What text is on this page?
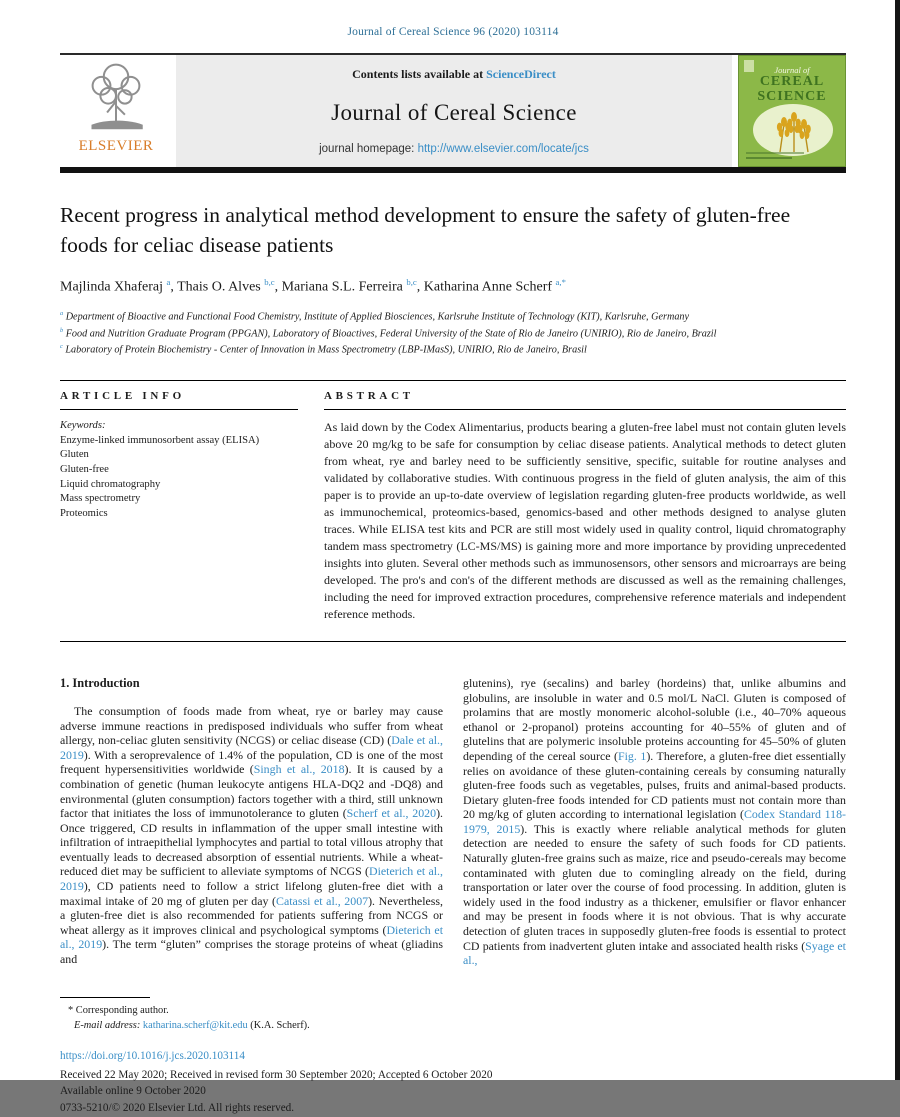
Journal of Cereal Science 96 (2020) 103114
ELSEVIER
Contents lists available at ScienceDirect
Journal of Cereal Science
journal homepage: http://www.elsevier.com/locate/jcs
Journal of
CEREAL
SCIENCE
Recent progress in analytical method development to ensure the safety of gluten-free foods for celiac disease patients
Majlinda Xhaferaj $^a$, Thais O. Alves $^{b,c}$, Mariana S.L. Ferreira $^{b,c}$, Katharina Anne Scherf $^{a,*}$
$^a$ Department of Bioactive and Functional Food Chemistry, Institute of Applied Biosciences, Karlsruhe Institute of Technology (KIT), Karlsruhe, Germany
$^b$ Food and Nutrition Graduate Program (PPGAN), Laboratory of Bioactives, Federal University of the State of Rio de Janeiro (UNIRIO), Rio de Janeiro, Brazil
$^c$ Laboratory of Protein Biochemistry - Center of Innovation in Mass Spectrometry (LBP-IMasS), UNIRIO, Rio de Janeiro, Brasil
ARTICLE INFO
Keywords:
Enzyme-linked immunosorbent assay (ELISA)
Gluten
Gluten-free
Liquid chromatography
Mass spectrometry
Proteomics
ABSTRACT

As laid down by the Codex Alimentarius, products bearing a gluten-free label must not contain gluten levels above 20 mg/kg to be safe for consumption by celiac disease patients. Analytical methods to detect gluten from wheat, rye and barley need to be sufficiently sensitive, specific, suitable for routine analyses and validated by collaborative studies. With continuous progress in the field of gluten analysis, the aim of this paper is to provide an up-to-date overview of legislation regarding gluten-free products worldwide, as well as immunochemical, proteomics-based, genomics-based and other methods designed to analyse gluten traces. While ELISA test kits and PCR are still most widely used in quality control, liquid chromatography tandem mass spectrometry (LC-MS/MS) is gaining more and more importance by providing unprecedented insights into gluten. Several other methods such as immunosensors, other sensors and microarrays are being developed. The pro's and con's of the different methods are discussed as well as the remaining challenges, including the need for improved extraction procedures, comprehensive reference materials and independent reference methods.

1. Introduction

The consumption of foods made from wheat, rye or barley may cause adverse immune reactions in predisposed individuals who suffer from wheat allergy, non-celiac gluten sensitivity (NCGS) or celiac disease (CD) (Dale et al., 2019). With a seroprevalence of 1.4% of the population, CD is one of the most frequent hypersensitivities worldwide (Singh et al., 2018). It is caused by a combination of genetic (human leukocyte antigens HLA-DQ2 and -DQ8) and environmental (gluten consumption) factors together with a third, still unknown factor that initiates the loss of immunotolerance to gluten (Scherf et al., 2020). Once triggered, CD results in inflammation of the upper small intestine with infiltration of intraepithelial lymphocytes and partial to total villous atrophy that eventually leads to decreased absorption of essential nutrients. While a wheat-reduced diet may be sufficient to alleviate symptoms of NCGS (Dieterich et al., 2019), CD patients need to follow a strict lifelong gluten-free diet with a maximal intake of 20 mg of gluten per day (Catassi et al., 2007). Nevertheless, a gluten-free diet is also recommended for patients suffering from NCGS or wheat allergy as it improves clinical and psychological symptoms (Dieterich et al., 2019). The term “gluten” comprises the storage proteins of wheat (gliadins and

* Corresponding author.
E-mail address: katharina.scherf@kit.edu (K.A. Scherf).

glutenins), rye (secalins) and barley (hordeins) that, unlike albumins and globulins, are insoluble in water and 0.5 mol/L NaCl. Gluten is composed of prolamins that are mostly monomeric alcohol-soluble (i.e., 40–70% aqueous ethanol or 2-propanol) proteins accounting for 40–55% of gluten and of glutelins that are polymeric insoluble proteins accounting for 45–50% of gluten depending of the cereal source (Fig. 1). Therefore, a gluten-free diet essentially relies on avoidance of these gluten-containing cereals by consuming naturally gluten-free foods such as vegetables, pulses, fruits and animal-based products. Dietary gluten-free foods intended for CD patients must not contain more than 20 mg/kg of gluten according to international legislation (Codex Standard 118-1979, 2015). This is exactly where reliable analytical methods for gluten detection are needed to ensure the safety of such foods for CD patients. Naturally gluten-free grains such as maize, rice and pseudo-cereals may become contaminated with gluten due to comingling already on the field, during transportation or later over the course of food processing. In addition, gluten is widely used in the food industry as a thickener, emulsifier or flavor enhancer and may be present in foods where it is not obvious. That is why accurate detection of gluten traces in supposedly gluten-free foods is essential to protect CD patients from inadvertent gluten intake and associated health risks (Syage et al.,

https://doi.org/10.1016/j.jcs.2020.103114
Received 22 May 2020; Received in revised form 30 September 2020; Accepted 6 October 2020
Available online 9 October 2020
0733-5210/© 2020 Elsevier Ltd. All rights reserved.
